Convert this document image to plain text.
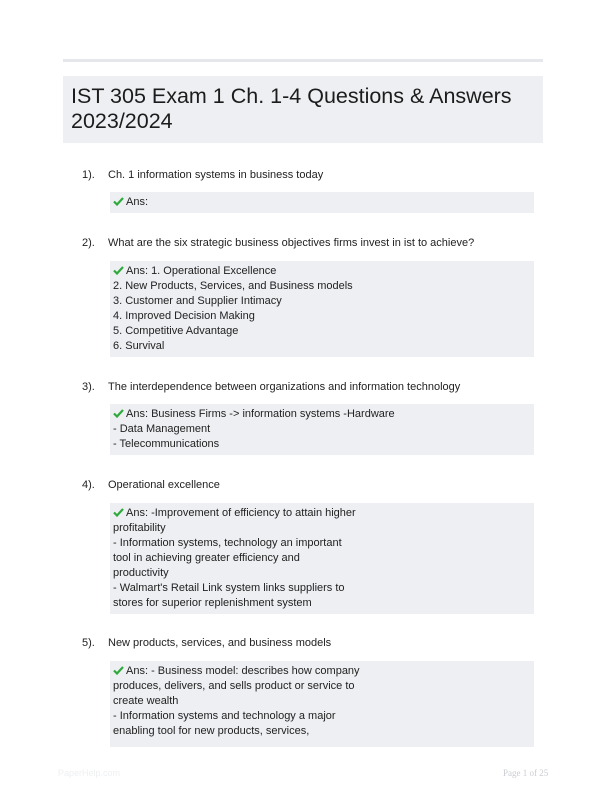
IST 305 Exam 1 Ch. 1-4 Questions & Answers
2023/2024
1). Ch. 1 information systems in business today
Ans:
2). What are the six strategic business objectives firms invest in ist to achieve?
Ans: 1. Operational Excellence
2. New Products, Services, and Business models
3. Customer and Supplier Intimacy
4. Improved Decision Making
5. Competitive Advantage
6. Survival
3). The interdependence between organizations and information technology
Ans: Business Firms -> information systems -Hardware
- Data Management
- Telecommunications
4). Operational excellence
Ans: -Improvement of efficiency to attain higher
profitability
- Information systems, technology an important
tool in achieving greater efficiency and
productivity
- Walmart's Retail Link system links suppliers to
stores for superior replenishment system
5). New products, services, and business models
Ans: - Business model: describes how company
produces, delivers, and sells product or service to
create wealth
- Information systems and technology a major
enabling tool for new products, services,
PaperHelp.com	Page 1 of 25
